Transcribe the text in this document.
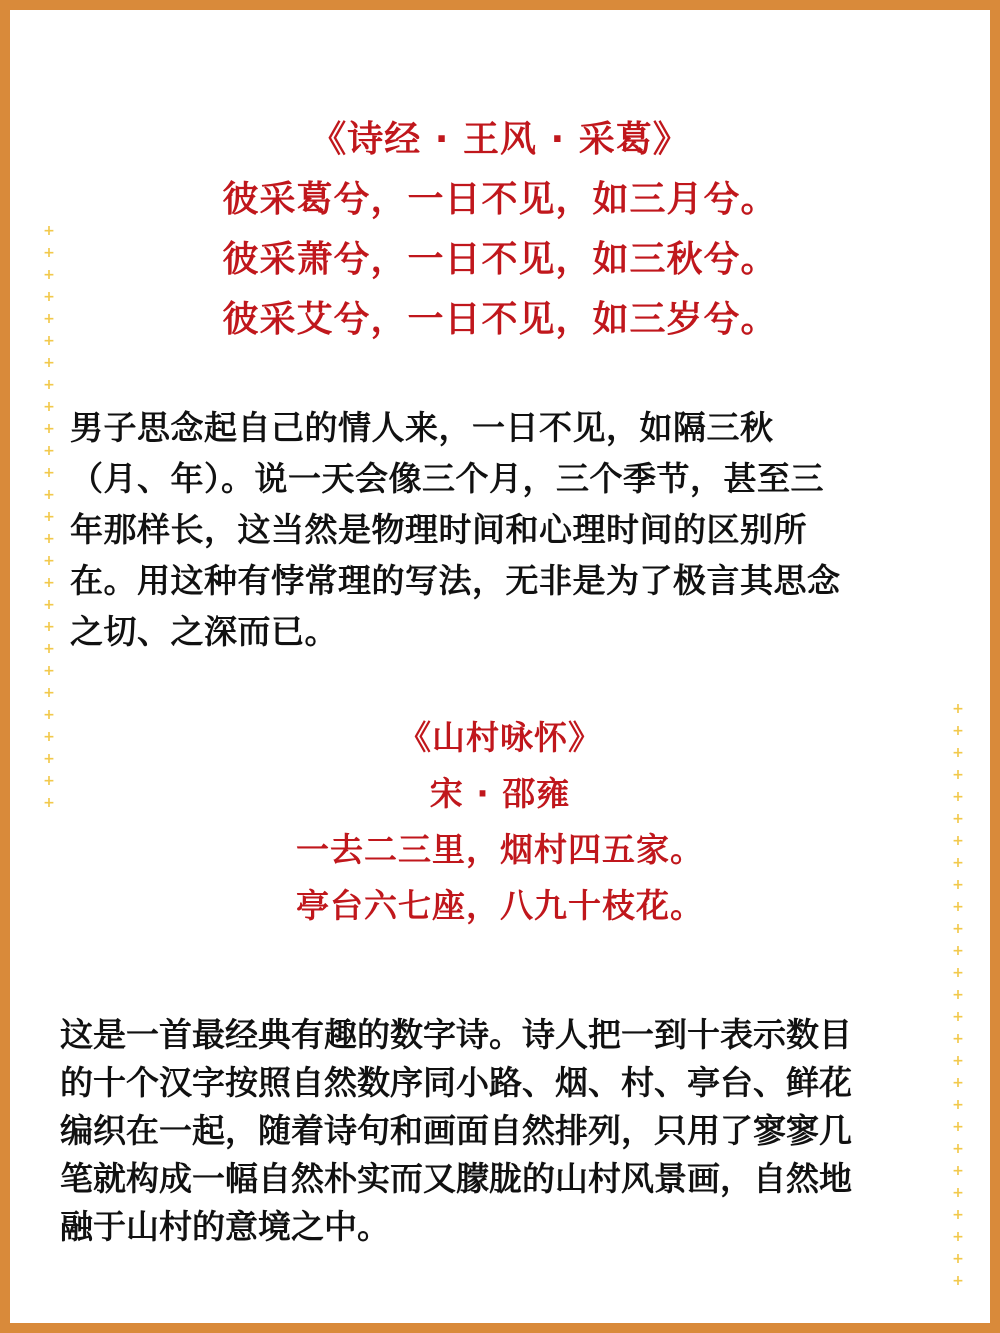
+
+
+
+
+
+
+
+
+
+
+
+
+
+
+
+
+
+
+
+
+
+
+
+
+
+
+
+
+
+
+
+
+
+
+
+
+
+
+
+
+
+
+
+
+
+
+
+
+
+
+
+
+
+
《诗经 · 王风 · 采葛》
彼采葛兮，一日不见，如三月兮。
彼采萧兮，一日不见，如三秋兮。
彼采艾兮，一日不见，如三岁兮。
男子思念起自己的情人来，一日不见，如隔三秋
（月、年）。说一天会像三个月，三个季节，甚至三
年那样长，这当然是物理时间和心理时间的区别所
在。用这种有悖常理的写法，无非是为了极言其思念
之切、之深而已。
《山村咏怀》
宋 · 邵雍
一去二三里，烟村四五家。
亭台六七座，八九十枝花。
这是一首最经典有趣的数字诗。诗人把一到十表示数目
的十个汉字按照自然数序同小路、烟、村、亭台、鲜花
编织在一起，随着诗句和画面自然排列，只用了寥寥几
笔就构成一幅自然朴实而又朦胧的山村风景画，自然地
融于山村的意境之中。
